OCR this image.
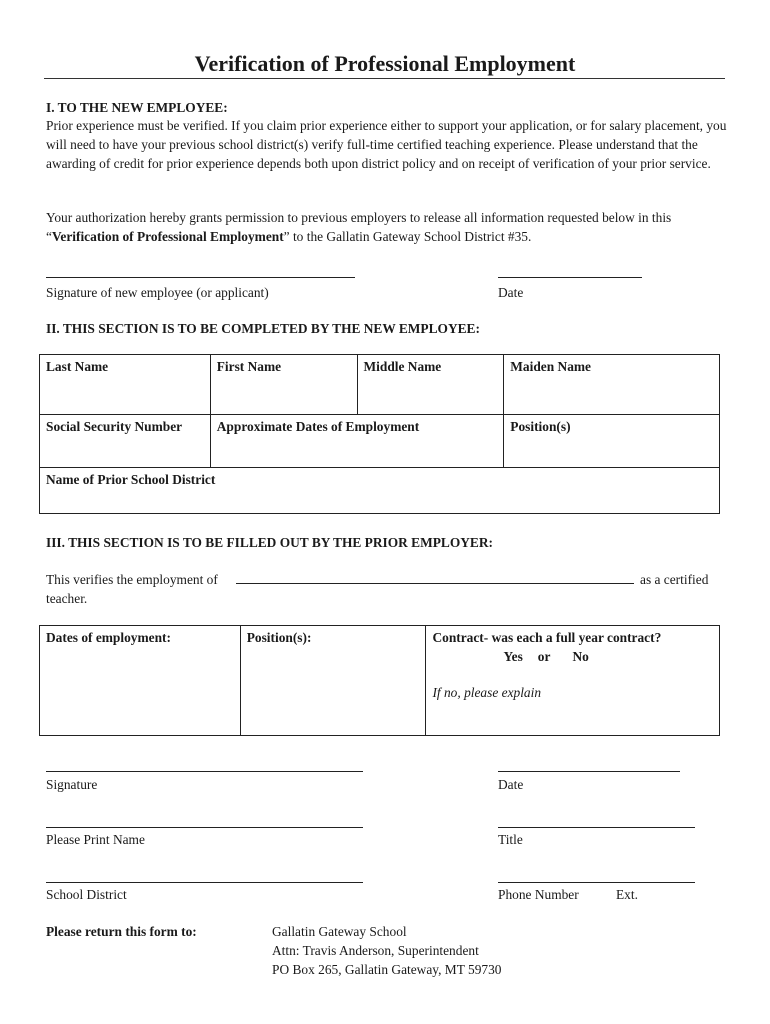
Verification of Professional Employment
I. TO THE NEW EMPLOYEE:
Prior experience must be verified. If you claim prior experience either to support your application, or for salary placement, you will need to have your previous school district(s) verify full-time certified teaching experience. Please understand that the awarding of credit for prior experience depends both upon district policy and on receipt of verification of your prior service.
Your authorization hereby grants permission to previous employers to release all information requested below in this “Verification of Professional Employment” to the Gallatin Gateway School District #35.
Signature of new employee (or applicant)	Date
II. THIS SECTION IS TO BE COMPLETED BY THE NEW EMPLOYEE:
Last Name	First Name	Middle Name	Maiden Name
Social Security Number	Approximate Dates of Employment		Position(s)
Name of Prior School District			
III. THIS SECTION IS TO BE FILLED OUT BY THE PRIOR EMPLOYER:
This verifies the employment of	as a certified
teacher.
Dates of employment:	Position(s):	Contract- was each a full year contract?
Yes or No
If no, please explain
Signature	Date
Please Print Name	Title
School District	Phone Number	Ext.
Please return this form to:	Gallatin Gateway School
Attn: Travis Anderson, Superintendent
PO Box 265, Gallatin Gateway, MT 59730
